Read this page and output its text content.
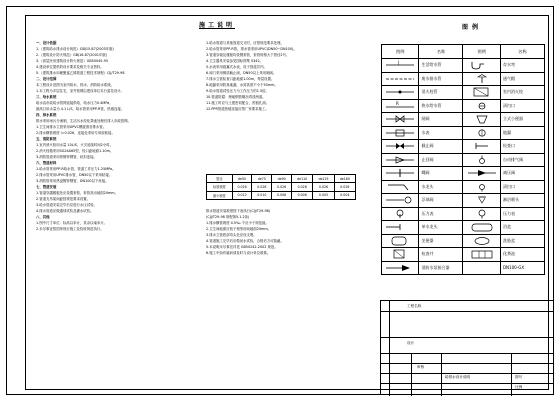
施工说明
一、设计依据
1.《建筑给水排水设计规范》GBJ15-87(2003年版)
2.《建筑设计防火规范》GBJ16-87(2001年版)
3.《高层民用建筑设计防火规范》GB50045-95
4.建设单位提供的设计要求及相关专业资料。
5.《建筑排水用硬聚氯乙烯管道工程技术规程》CJJ/T29-98
二、设计范围
本工程设计范围为室内给水、排水、消防给水系统。
1.本工程为多层住宅，室外管网由建设单位另行委托设计。
三、给水系统
给水由市政给水管网直接供给，给水压力0.4MPa，
最高日用水量为 4.1 L/S，给水管采用PP-R管，热熔连接。
四、排水系统
排水采用雨污分流制，生活污水经化粪池处理后排入市政管网。
1.卫生间排水立管采用UPVC螺旋消音排水管。
2.排水横管坡度 i=0.026，连接处采用专用胶粘接。
五、消防系统
1.室内消火栓用水量 10L/S，火灾延续时间2小时。
2.消火栓箱采用SG24A65型，栓口距地面1.10m。
3.消防管道采用热镀锌钢管，丝扣连接。
六、管道材料
1.给水管采用PP-R给水管，管道工作压力1.25MPa。
2.排水管采用UPVC排水管，DN50以下采用粘接。
3.消防管采用热浸镀锌钢管，DN100以下丝接。
七、管道安装
1.管道穿越楼板处应设置套管，套管高出地面20mm。
2.管道支吊架间距按规范要求设置。
3.给水管道安装完毕后应进行水压试验。
4.排水管道应做通球试验及灌水试验。
八、其他
1.图中尺寸单位：标高以米计，其余以毫米计。
2.未尽事宜按国家现行施工及验收规范执行。
1.给水管道与其他管道交叉时，应按规范要求处理。
2.给水管采用PP-R管，排水管采用UPVC(DN50~DN100)。
3.管道穿墙及楼板均设钢套管，套管规格大于管径2号。
4.卫生器具安装参见国标图集 S342。
5.水表采用旋翼式水表，设于管道井内。
6.阀门采用铜质截止阀，DN50以上采用闸阀。
7.排水立管检查口距地面1.00m，每层设置。
8.地漏采用防臭地漏，水封高度不小于50mm。
9.给水管道试验压力为工作压力的1.5倍。
10.管道防腐：埋地钢管刷沥青漆两道。
11.施工时应与土建密切配合，预留孔洞。
12.PPR管道热熔连接应按厂家要求施工。
管径	de50	de75	de90	de110	de125	de160
标准坡度	0.026	0.026	0.026	0.026	0.026	0.026
最小坡度	0.012	0.010	0.008	0.006	0.005	0.004
排水管道安装坡度按下表执行(CJJ/T29-98)
(CJJ/T29-98 规程第5.1.2条)
1.排水横管坡度 4.5‰ 不应小于规范值。
2.卫生间地面应低于相邻房间地面20mm。
3.排水立管底部弯头处应设支墩。
4.管道施工完毕后应做闭水试验，合格后方可隐蔽。
5.本说明未尽事宜详见 GB50242-2002 规范。
6.施工中如有疑问请及时与设计单位联系。
图例
图例	名称	图例	名称

J	生活给水管		存水弯

	废水排水管		通气帽

	消火栓管		室内消火栓

R	热水给水管		清扫口

	闸阀		立式小便器

	水表		地漏

	截止阀		检查口

	止回阀		自动排气阀

	蝶阀		减压阀

	水龙头		清扫口

	浮球阀		淋浴喷头

	压力表		压力表

	单水龙头		浴盆

	坐便器		洗脸盆

	检查井		化粪池

	消防水泵接合器		DN100-GX
工程名称
设计
给排水设计说明
审核
图号
比例
